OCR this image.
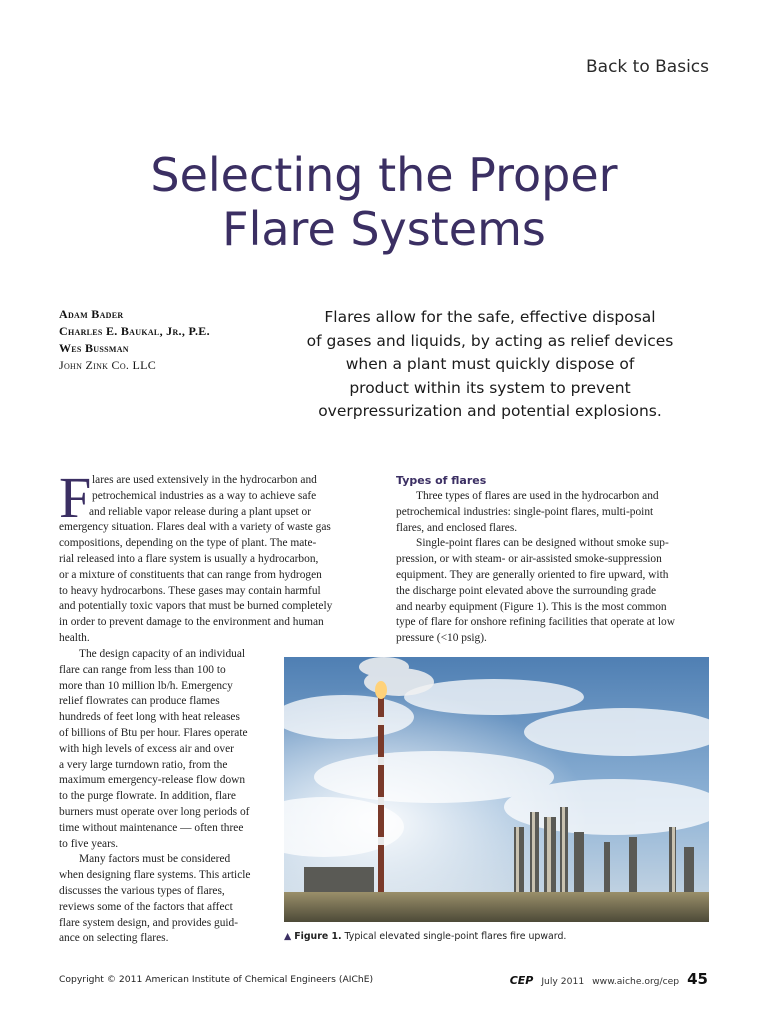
Back to Basics
Selecting the Proper
Flare Systems
Adam Bader
Charles E. Baukal, Jr., P.E.
Wes Bussman
John Zink Co. LLC
Flares allow for the safe, effective disposal
of gases and liquids, by acting as relief devices
when a plant must quickly dispose of
product within its system to prevent
overpressurization and potential explosions.
F lares are used extensively in the hydrocarbon and
petrochemical industries as a way to achieve safe
and reliable vapor release during a plant upset or
emergency situation. Flares deal with a variety of waste gas
compositions, depending on the type of plant. The mate-
rial released into a flare system is usually a hydrocarbon,
or a mixture of constituents that can range from hydrogen
to heavy hydrocarbons. These gases may contain harmful
and potentially toxic vapors that must be burned completely
in order to prevent damage to the environment and human
health.
The design capacity of an individual
flare can range from less than 100 to
more than 10 million lb/h. Emergency
relief flowrates can produce flames
hundreds of feet long with heat releases
of billions of Btu per hour. Flares operate
with high levels of excess air and over
a very large turndown ratio, from the
maximum emergency-release flow down
to the purge flowrate. In addition, flare
burners must operate over long periods of
time without maintenance — often three
to five years.
Many factors must be considered
when designing flare systems. This article
discusses the various types of flares,
reviews some of the factors that affect
flare system design, and provides guid-
ance on selecting flares.
Types of flares
Three types of flares are used in the hydrocarbon and
petrochemical industries: single-point flares, multi-point
flares, and enclosed flares.
Single-point flares can be designed without smoke sup-
pression, or with steam- or air-assisted smoke-suppression
equipment. They are generally oriented to fire upward, with
the discharge point elevated above the surrounding grade
and nearby equipment (Figure 1). This is the most common
type of flare for onshore refining facilities that operate at low
pressure (<10 psig).
▲ Figure 1. Typical elevated single-point flares fire upward.
Copyright © 2011 American Institute of Chemical Engineers (AIChE)	CEP July 2011 www.aiche.org/cep 45
